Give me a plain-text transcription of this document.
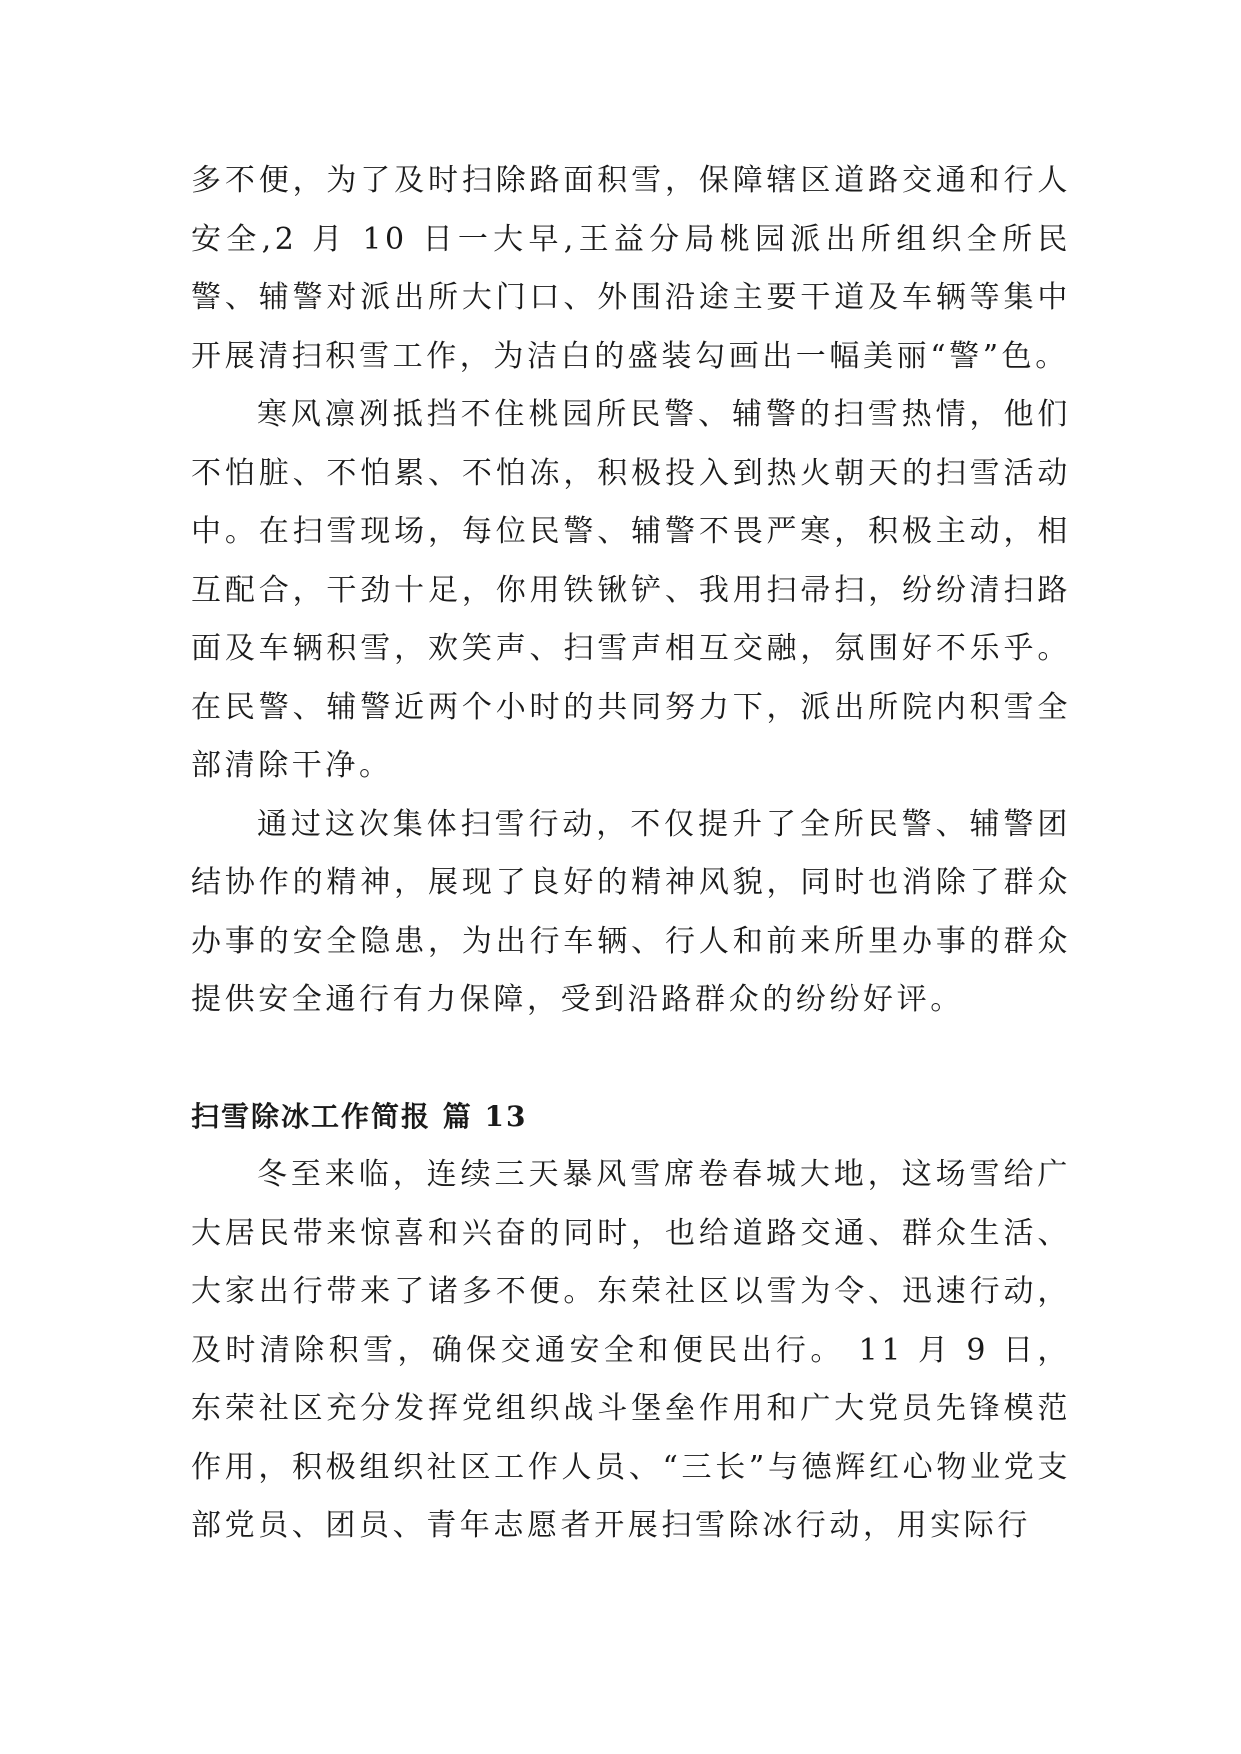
多不便，为了及时扫除路面积雪，保障辖区道路交通和行人安全,2 月 10 日一大早,王益分局桃园派出所组织全所民警、辅警对派出所大门口、外围沿途主要干道及车辆等集中开展清扫积雪工作，为洁白的盛装勾画出一幅美丽“警”色。

寒风凛冽抵挡不住桃园所民警、辅警的扫雪热情，他们不怕脏、不怕累、不怕冻，积极投入到热火朝天的扫雪活动中。在扫雪现场，每位民警、辅警不畏严寒，积极主动，相互配合，干劲十足，你用铁锹铲、我用扫帚扫，纷纷清扫路面及车辆积雪，欢笑声、扫雪声相互交融，氛围好不乐乎。在民警、辅警近两个小时的共同努力下，派出所院内积雪全部清除干净。

通过这次集体扫雪行动，不仅提升了全所民警、辅警团结协作的精神，展现了良好的精神风貌，同时也消除了群众办事的安全隐患，为出行车辆、行人和前来所里办事的群众提供安全通行有力保障，受到沿路群众的纷纷好评。

扫雪除冰工作简报 篇 13

冬至来临，连续三天暴风雪席卷春城大地，这场雪给广大居民带来惊喜和兴奋的同时，也给道路交通、群众生活、大家出行带来了诸多不便。东荣社区以雪为令、迅速行动，及时清除积雪，确保交通安全和便民出行。 11 月 9 日，东荣社区充分发挥党组织战斗堡垒作用和广大党员先锋模范作用，积极组织社区工作人员、“三长”与德辉红心物业党支部党员、团员、青年志愿者开展扫雪除冰行动，用实际行
